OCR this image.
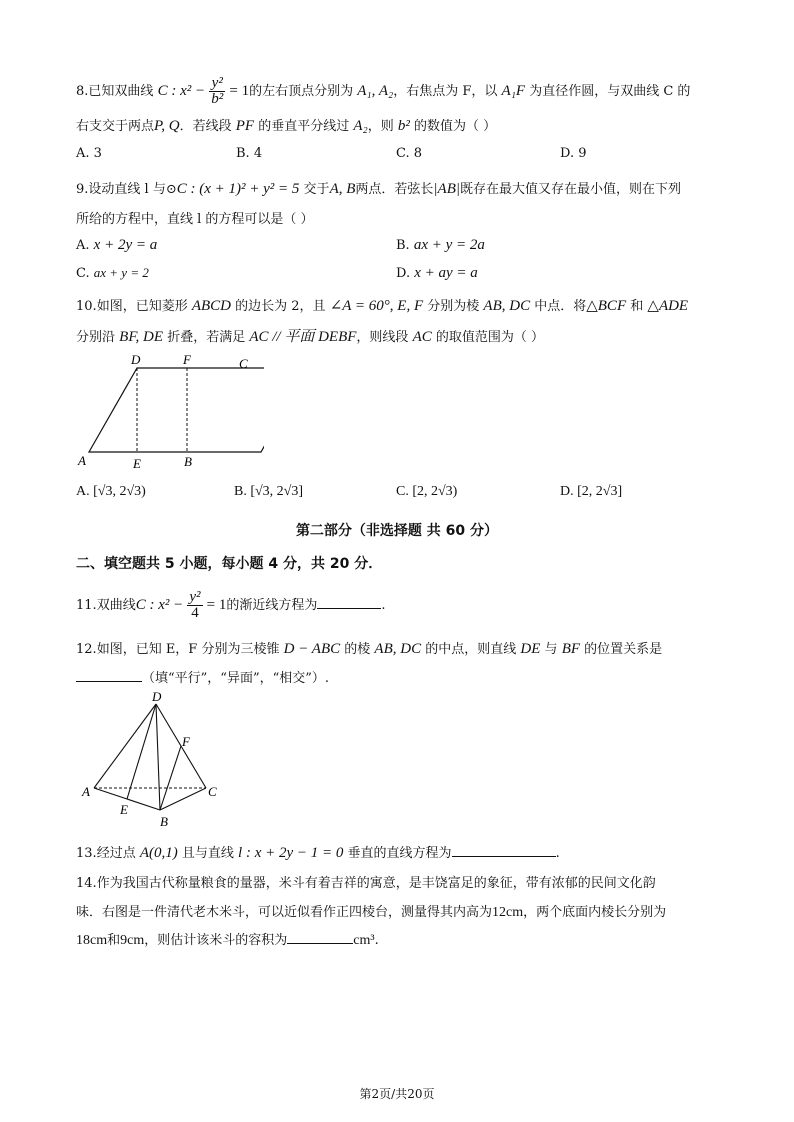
8.已知双曲线 C : $x^2 - \frac{\text{y²}}{\text{b²}} = 1$的左右顶点分别为 A₁, A₂，右焦点为 F，以 A₁F 为直径作圆，与双曲线 C 的
右支交于两点P, Q．若线段 PF 的垂直平分线过 A₂，则 b² 的数值为（ ）
A. 3	B. 4	C. 8	D. 9
9.设动直线 l 与⊙C : (x + 1)² + y² = 5 交于A, B两点．若弦长|AB|既存在最大值又存在最小值，则在下列
所给的方程中，直线 l 的方程可以是（ ）
A. x + 2y = a	B. ax + y = 2a
C. ax + y = 2	D. x + ay = a
10.如图，已知菱形 ABCD 的边长为 2，且 ∠A = 60°, E, F 分别为棱 AB, DC 中点．将△BCF 和 △ADE
分别沿 BF, DE 折叠，若满足 AC // 平面 DEBF，则线段 AC 的取值范围为（ ）
D	F	C
A	E	B
A. [√3, 2√3)	B. [√3, 2√3]	C. [2, 2√3)	D. [2, 2√3]
第二部分（非选择题 共 60 分）
二、填空题共 5 小题，每小题 4 分，共 20 分．
11.双曲线C : $x^2 - \frac{\text{y²}}{4} = 1$的渐近线方程为	.
12.如图，已知 E，F 分别为三棱锥 D − ABC 的棱 AB, DC 的中点，则直线 DE 与 BF 的位置关系是
（填“平行”，“异面”，“相交”）.
D
F
A	C
E
B
13.经过点 A(0,1) 且与直线 l : x + 2y − 1 = 0 垂直的直线方程为	.
14.作为我国古代称量粮食的量器，米斗有着吉祥的寓意，是丰饶富足的象征，带有浓郁的民间文化韵
味．右图是一件清代老木米斗，可以近似看作正四棱台，测量得其内高为12cm，两个底面内棱长分别为
18cm和9cm，则估计该米斗的容积为	cm³.
第2页/共20页
